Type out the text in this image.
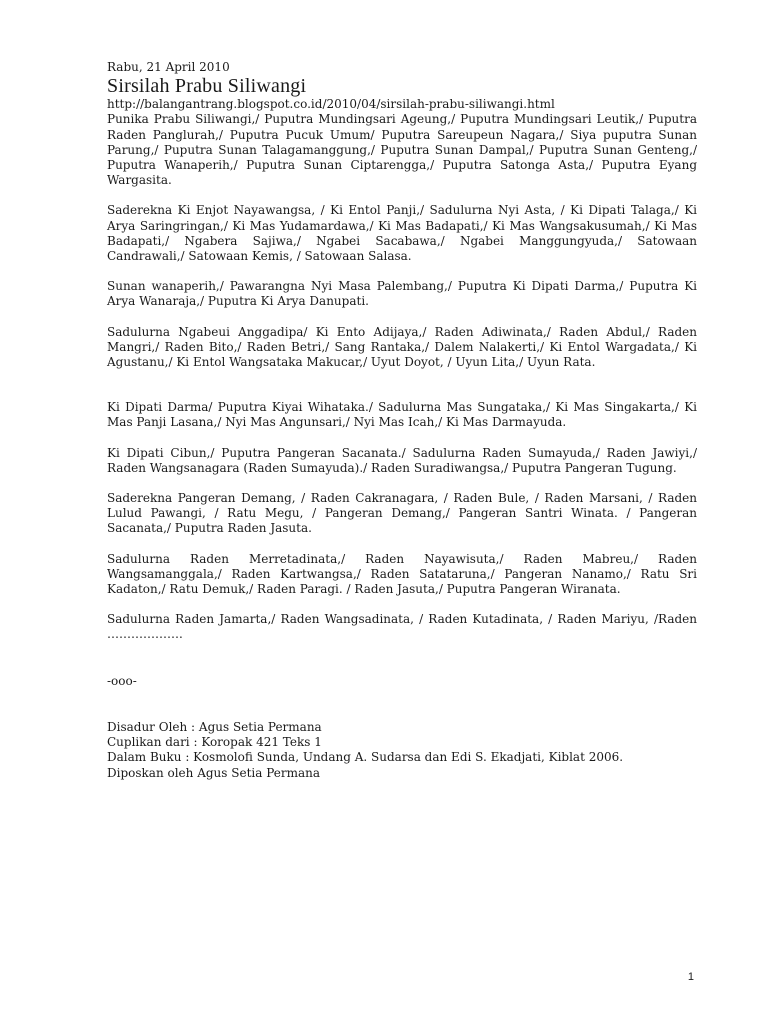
Rabu, 21 April 2010

Sirsilah Prabu Siliwangi

http://balangantrang.blogspot.co.id/2010/04/sirsilah-prabu-siliwangi.html

Punika Prabu Siliwangi,/ Puputra Mundingsari Ageung,/ Puputra Mundingsari Leutik,/ Puputra Raden Panglurah,/ Puputra Pucuk Umum/ Puputra Sareupeun Nagara,/ Siya puputra Sunan Parung,/ Puputra Sunan Talagamanggung,/ Puputra Sunan Dampal,/ Puputra Sunan Genteng,/ Puputra Wanaperih,/ Puputra Sunan Ciptarengga,/ Puputra Satonga Asta,/ Puputra Eyang Wargasita.

Saderekna Ki Enjot Nayawangsa, / Ki Entol Panji,/ Sadulurna Nyi Asta, / Ki Dipati Talaga,/ Ki Arya Saringringan,/ Ki Mas Yudamardawa,/ Ki Mas Badapati,/ Ki Mas Wangsakusumah,/ Ki Mas Badapati,/ Ngabera Sajiwa,/ Ngabei Sacabawa,/ Ngabei Manggungyuda,/ Satowaan Candrawali,/ Satowaan Kemis, / Satowaan Salasa.

Sunan wanaperih,/ Pawarangna Nyi Masa Palembang,/ Puputra Ki Dipati Darma,/ Puputra Ki Arya Wanaraja,/ Puputra Ki Arya Danupati.

Sadulurna Ngabeui Anggadipa/ Ki Ento Adijaya,/ Raden Adiwinata,/ Raden Abdul,/ Raden Mangri,/ Raden Bito,/ Raden Betri,/ Sang Rantaka,/ Dalem Nalakerti,/ Ki Entol Wargadata,/ Ki Agustanu,/ Ki Entol Wangsataka Makucar,/ Uyut Doyot, / Uyun Lita,/ Uyun Rata.

Ki Dipati Darma/ Puputra Kiyai Wihataka./ Sadulurna Mas Sungataka,/ Ki Mas Singakarta,/ Ki Mas Panji Lasana,/ Nyi Mas Angunsari,/ Nyi Mas Icah,/ Ki Mas Darmayuda.

Ki Dipati Cibun,/ Puputra Pangeran Sacanata./ Sadulurna Raden Sumayuda,/ Raden Jawiyi,/ Raden Wangsanagara (Raden Sumayuda)./ Raden Suradiwangsa,/ Puputra Pangeran Tugung.

Saderekna Pangeran Demang, / Raden Cakranagara, / Raden Bule, / Raden Marsani, / Raden Lulud Pawangi, / Ratu Megu, / Pangeran Demang,/ Pangeran Santri Winata. / Pangeran Sacanata,/ Puputra Raden Jasuta.

Sadulurna Raden Merretadinata,/ Raden Nayawisuta,/ Raden Mabreu,/ Raden Wangsamanggala,/ Raden Kartwangsa,/ Raden Satataruna,/ Pangeran Nanamo,/ Ratu Sri Kadaton,/ Ratu Demuk,/ Raden Paragi. / Raden Jasuta,/ Puputra Pangeran Wiranata.

Sadulurna Raden Jamarta,/ Raden Wangsadinata, / Raden Kutadinata, / Raden Mariyu, /Raden ……………….

-ooo-

Disadur Oleh : Agus Setia Permana

Cuplikan dari : Koropak 421 Teks 1

Dalam Buku : Kosmolofi Sunda, Undang A. Sudarsa dan Edi S. Ekadjati, Kiblat 2006.

Diposkan oleh Agus Setia Permana

1
